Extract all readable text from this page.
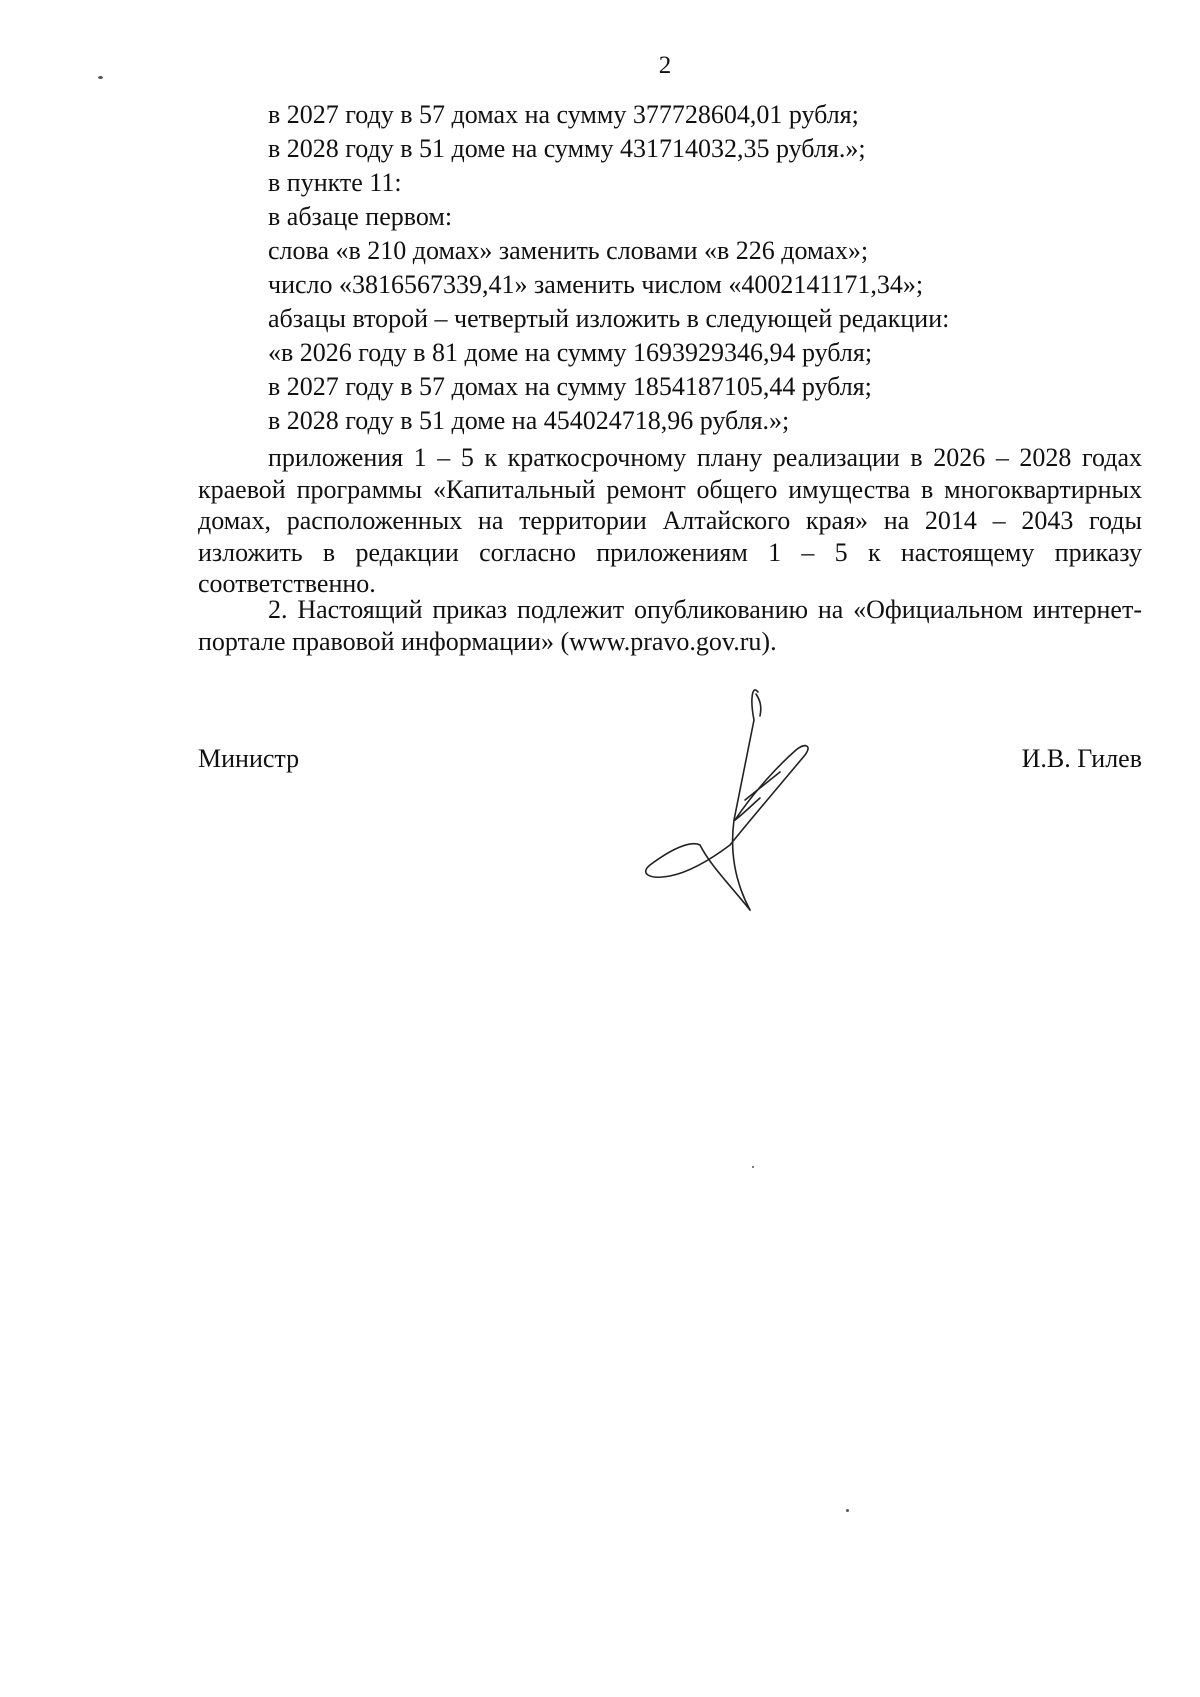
2
в 2027 году в 57 домах на сумму 377728604,01 рубля;
в 2028 году в 51 доме на сумму 431714032,35 рубля.»;
в пункте 11:
в абзаце первом:
слова «в 210 домах» заменить словами «в 226 домах»;
число «3816567339,41» заменить числом «4002141171,34»;
абзацы второй – четвертый изложить в следующей редакции:
«в 2026 году в 81 доме на сумму 1693929346,94 рубля;
в 2027 году в 57 домах на сумму 1854187105,44 рубля;
в 2028 году в 51 доме на 454024718,96 рубля.»;
приложения 1 – 5 к краткосрочному плану реализации в 2026 – 2028 годах краевой программы «Капитальный ремонт общего имущества в многоквартирных домах, расположенных на территории Алтайского края» на 2014 – 2043 годы изложить в редакции согласно приложениям 1 – 5 к настоящему приказу соответственно.
2. Настоящий приказ подлежит опубликованию на «Официальном интернет-портале правовой информации» (www.pravo.gov.ru).
Министр	И.В. Гилев
